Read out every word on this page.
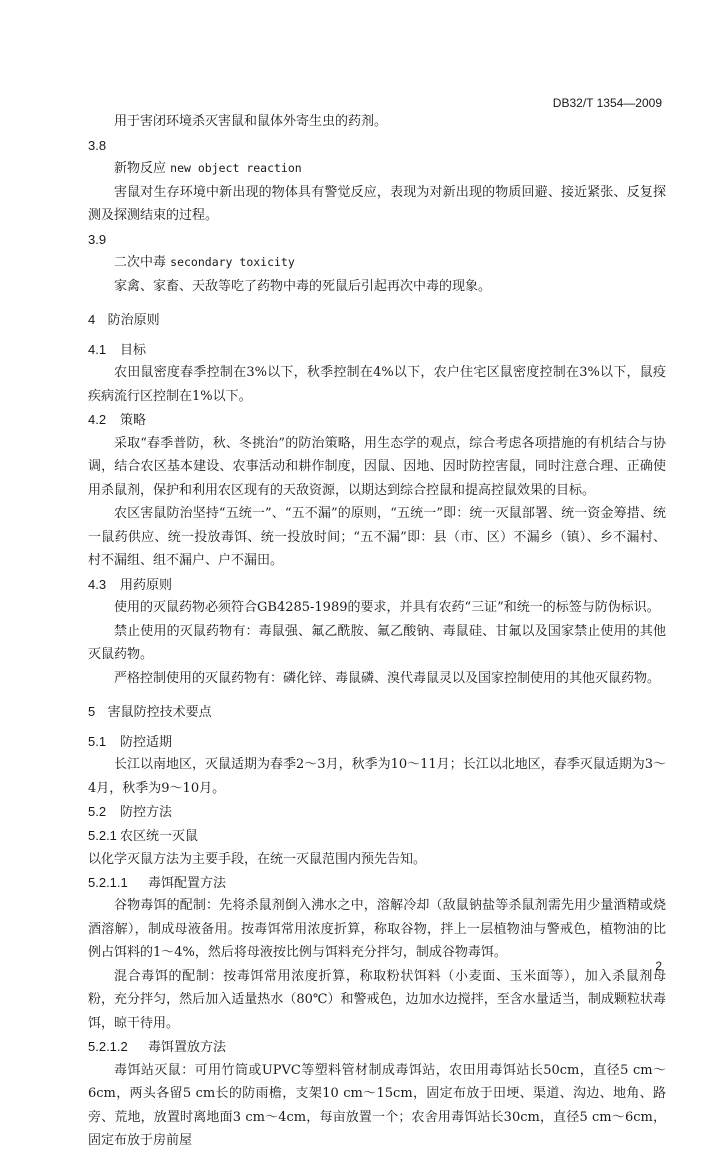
DB32/T 1354—2009

用于害闭环境杀灭害鼠和鼠体外寄生虫的药剂。

3.8

新物反应 new object reaction

害鼠对生存环境中新出现的物体具有警觉反应，表现为对新出现的物质回避、接近紧张、反复探测及探测结束的过程。

3.9

二次中毒 secondary toxicity

家禽、家畜、天敌等吃了药物中毒的死鼠后引起再次中毒的现象。

4 防治原则

4.1 目标

农田鼠密度春季控制在3%以下，秋季控制在4%以下，农户住宅区鼠密度控制在3%以下，鼠疫疾病流行区控制在1%以下。

4.2 策略

采取“春季普防，秋、冬挑治”的防治策略，用生态学的观点，综合考虑各项措施的有机结合与协调，结合农区基本建设、农事活动和耕作制度，因鼠、因地、因时防控害鼠，同时注意合理、正确使用杀鼠剂，保护和利用农区现有的天敌资源，以期达到综合控鼠和提高控鼠效果的目标。

农区害鼠防治坚持“五统一”、“五不漏”的原则，“五统一”即：统一灭鼠部署、统一资金筹措、统一鼠药供应、统一投放毒饵、统一投放时间；“五不漏”即：县（市、区）不漏乡（镇）、乡不漏村、村不漏组、组不漏户、户不漏田。

4.3 用药原则

使用的灭鼠药物必须符合GB4285-1989的要求，并具有农药“三证”和统一的标签与防伪标识。

禁止使用的灭鼠药物有：毒鼠强、氟乙酰胺、氟乙酸钠、毒鼠硅、甘氟以及国家禁止使用的其他灭鼠药物。

严格控制使用的灭鼠药物有：磷化锌、毒鼠磷、溴代毒鼠灵以及国家控制使用的其他灭鼠药物。

5 害鼠防控技术要点

5.1 防控适期

长江以南地区，灭鼠适期为春季2～3月，秋季为10～11月；长江以北地区，春季灭鼠适期为3～4月，秋季为9～10月。

5.2 防控方法

5.2.1 农区统一灭鼠

以化学灭鼠方法为主要手段，在统一灭鼠范围内预先告知。

5.2.1.1 毒饵配置方法

谷物毒饵的配制：先将杀鼠剂倒入沸水之中，溶解冷却（敌鼠钠盐等杀鼠剂需先用少量酒精或烧酒溶解），制成母液备用。按毒饵常用浓度折算，称取谷物，拌上一层植物油与警戒色，植物油的比例占饵料的1～4%，然后将母液按比例与饵料充分拌匀，制成谷物毒饵。

混合毒饵的配制：按毒饵常用浓度折算，称取粉状饵料（小麦面、玉米面等），加入杀鼠剂母粉，充分拌匀，然后加入适量热水（80℃）和警戒色，边加水边搅拌，至含水量适当，制成颗粒状毒饵，晾干待用。

5.2.1.2 毒饵置放方法

毒饵站灭鼠：可用竹筒或UPVC等塑料管材制成毒饵站，农田用毒饵站长50cm，直径5 cm～6cm，两头各留5 cm长的防雨檐，支架10 cm～15cm，固定布放于田埂、渠道、沟边、地角、路旁、荒地，放置时离地面3 cm～4cm，每亩放置一个；农舍用毒饵站长30cm，直径5 cm～6cm，固定布放于房前屋

2
